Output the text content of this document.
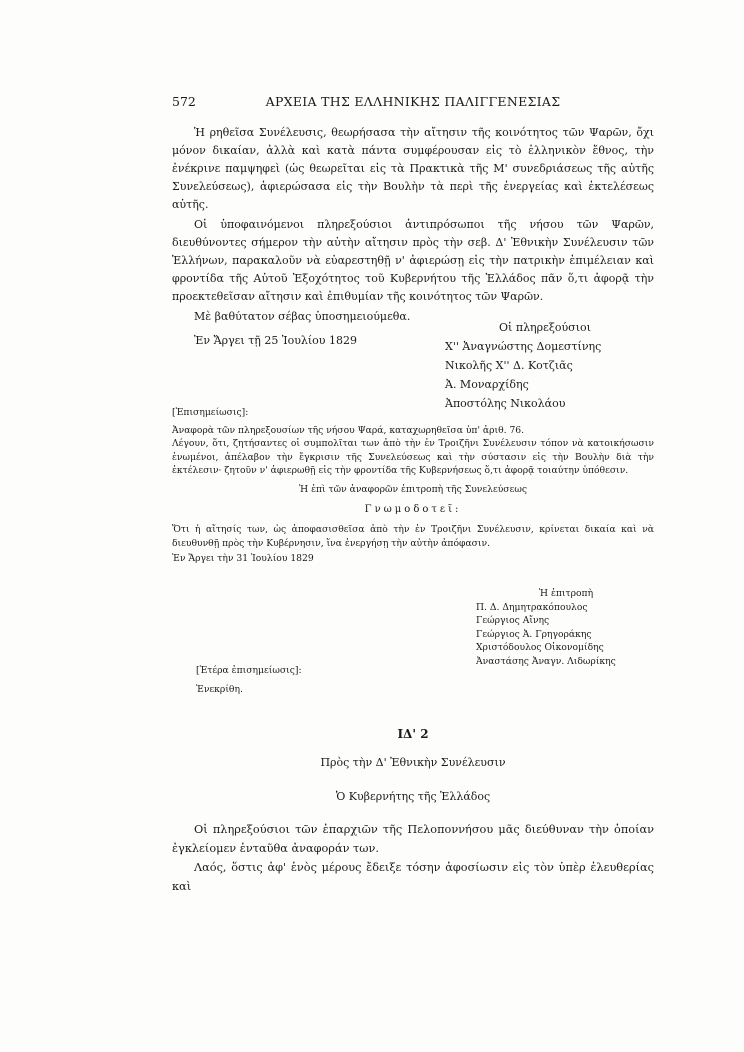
572	ΑΡΧΕΙΑ ΤΗΣ ΕΛΛΗΝΙΚΗΣ ΠΑΛΙΓΓΕΝΕΣΙΑΣ

Ἡ ρηθεῖσα Συνέλευσις, θεωρήσασα τὴν αἴτησιν τῆς κοινότητος τῶν Ψαρῶν, ὄχι μόνον δικαίαν, ἀλλὰ καὶ κατὰ πάντα συμφέρουσαν εἰς τὸ ἑλληνικὸν ἔθνος, τὴν ἐνέκρινε παμψηφεὶ (ὡς θεωρεῖται εἰς τὰ Πρακτικὰ τῆς Μ' συνεδριάσεως τῆς αὐτῆς Συνελεύσεως), ἀφιερώσασα εἰς τὴν Βουλὴν τὰ περὶ τῆς ἐνεργείας καὶ ἐκτελέσεως αὐτῆς.

Οἱ ὑποφαινόμενοι πληρεξούσιοι ἀντιπρόσωποι τῆς νήσου τῶν Ψαρῶν, διευθύνοντες σήμερον τὴν αὐτὴν αἴτησιν πρὸς τὴν σεβ. Δ' Ἐθνικὴν Συνέλευσιν τῶν Ἑλλήνων, παρακαλοῦν νὰ εὐαρεστηθῇ ν' ἀφιερώσῃ εἰς τὴν πατρικὴν ἐπιμέλειαν καὶ φροντίδα τῆς Αὐτοῦ Ἐξοχότητος τοῦ Κυβερνήτου τῆς Ἑλλάδος πᾶν ὅ,τι ἀφορᾷ τὴν προεκτεθεῖσαν αἴτησιν καὶ ἐπιθυμίαν τῆς κοινότητος τῶν Ψαρῶν.

Μὲ βαθύτατον σέβας ὑποσημειούμεθα.

Ἐν Ἄργει τῇ 25 Ἰουλίου 1829

Οἱ πληρεξούσιοι
Χ'' Ἀναγνώστης Δομεστίνης
Νικολῆς Χ'' Δ. Κοτζιᾶς
Ἀ. Μοναρχίδης
Ἀποστόλης Νικολάου
[Ἐπισημείωσις]:
Ἀναφορὰ τῶν πληρεξουσίων τῆς νήσου Ψαρά, καταχωρηθεῖσα ὑπ' ἀριθ. 76.
Λέγουν, ὅτι, ζητήσαντες οἱ συμπολῖται των ἀπὸ τὴν ἐν Τροιζῆνι Συνέλευσιν τόπον νὰ κατοικήσωσιν ἑνωμένοι, ἀπέλαβον τὴν ἔγκρισιν τῆς Συνελεύσεως καὶ τὴν σύστασιν εἰς τὴν Βουλὴν διὰ τὴν ἐκτέλεσιν· ζητοῦν ν' ἀφιερωθῇ εἰς τὴν φροντίδα τῆς Κυβερνήσεως ὅ,τι ἀφορᾷ τοιαύτην ὑπόθεσιν.
Ἡ ἐπὶ τῶν ἀναφορῶν ἐπιτροπὴ τῆς Συνελεύσεως
Γνωμοδοτεῖ:
Ὅτι ἡ αἴτησίς των, ὡς ἀποφασισθεῖσα ἀπὸ τὴν ἐν Τροιζῆνι Συνέλευσιν, κρίνεται δικαία καὶ νὰ διευθυνθῇ πρὸς τὴν Κυβέρνησιν, ἵνα ἐνεργήσῃ τὴν αὐτὴν ἀπόφασιν.
Ἐν Ἄργει τὴν 31 Ἰουλίου 1829
Ἡ ἐπιτροπὴ
Π. Δ. Δημητρακόπουλος
Γεώργιος Αἴνης
Γεώργιος Ἀ. Γρηγοράκης
Χριστόδουλος Οἰκονομίδης
Ἀναστάσης Ἀναγν. Λιδωρίκης
[Ἑτέρα ἐπισημείωσις]:
Ἐνεκρίθη.
ΙΔ' 2
Πρὸς τὴν Δ' Ἐθνικὴν Συνέλευσιν
Ὁ Κυβερνήτης τῆς Ἑλλάδος

Οἱ πληρεξούσιοι τῶν ἐπαρχιῶν τῆς Πελοποννήσου μᾶς διεύθυναν τὴν ὁποίαν ἐγκλείομεν ἐνταῦθα ἀναφοράν των.

Λαός, ὅστις ἀφ' ἑνὸς μέρους ἔδειξε τόσην ἀφοσίωσιν εἰς τὸν ὑπὲρ ἐλευθερίας καὶ
